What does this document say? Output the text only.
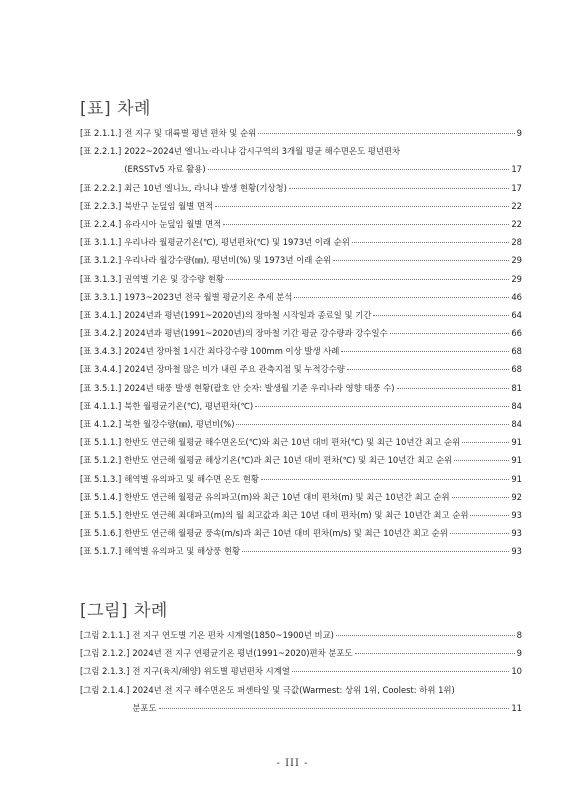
[표] 차례
[표 2.1.1.] 전 지구 및 대륙별 평년 편차 및 순위	9
[표 2.2.1.] 2022~2024년 엘니뇨·라니냐 감시구역의 3개월 평균 해수면온도 평년편차
(ERSSTv5 자료 활용)	17
[표 2.2.2.] 최근 10년 엘니뇨, 라니냐 발생 현황(기상청)	17
[표 2.2.3.] 북반구 눈덮임 월별 면적	22
[표 2.2.4.] 유라시아 눈덮임 월별 면적	22
[표 3.1.1.] 우리나라 월평균기온(℃), 평년편차(℃) 및 1973년 이래 순위	28
[표 3.1.2.] 우리나라 월강수량(㎜), 평년비(%) 및 1973년 이래 순위	29
[표 3.1.3.] 권역별 기온 및 강수량 현황	29
[표 3.3.1.] 1973~2023년 전국 월별 평균기온 추세 분석	46
[표 3.4.1.] 2024년과 평년(1991~2020년)의 장마철 시작일과 종료일 및 기간	64
[표 3.4.2.] 2024년과 평년(1991~2020년)의 장마철 기간 평균 강수량과 강수일수	66
[표 3.4.3.] 2024년 장마철 1시간 최다강수량 100mm 이상 발생 사례	68
[표 3.4.4.] 2024년 장마철 많은 비가 내린 주요 관측지점 및 누적강수량	68
[표 3.5.1.] 2024년 태풍 발생 현황(괄호 안 숫자: 발생월 기준 우리나라 영향 태풍 수)	81
[표 4.1.1.] 북한 월평균기온(℃), 평년편차(℃)	84
[표 4.1.2.] 북한 월강수량(㎜), 평년비(%)	84
[표 5.1.1.] 한반도 연근해 월평균 해수면온도(℃)와 최근 10년 대비 편차(℃) 및 최근 10년간 최고 순위	91
[표 5.1.2.] 한반도 연근해 월평균 해상기온(℃)과 최근 10년 대비 편차(℃) 및 최근 10년간 최고 순위	91
[표 5.1.3.] 해역별 유의파고 및 해수면 온도 현황	91
[표 5.1.4.] 한반도 연근해 월평균 유의파고(m)와 최근 10년 대비 편차(m) 및 최근 10년간 최고 순위	92
[표 5.1.5.] 한반도 연근해 최대파고(m)의 월 최고값과 최근 10년 대비 편차(m) 및 최근 10년간 최고 순위	93
[표 5.1.6.] 한반도 연근해 월평균 풍속(m/s)과 최근 10년 대비 편차(m/s) 및 최근 10년간 최고 순위	93
[표 5.1.7.] 해역별 유의파고 및 해상풍 현황	93
[그림] 차례
[그림 2.1.1.] 전 지구 연도별 기온 편차 시계열(1850~1900년 비교)	8
[그림 2.1.2.] 2024년 전 지구 연평균기온 평년(1991~2020)편차 분포도	9
[그림 2.1.3.] 전 지구(육지/해양) 위도별 평년편차 시계열	10
[그림 2.1.4.] 2024년 전 지구 해수면온도 퍼센타일 및 극값(Warmest: 상위 1위, Coolest: 하위 1위)
분포도	11
- III -
